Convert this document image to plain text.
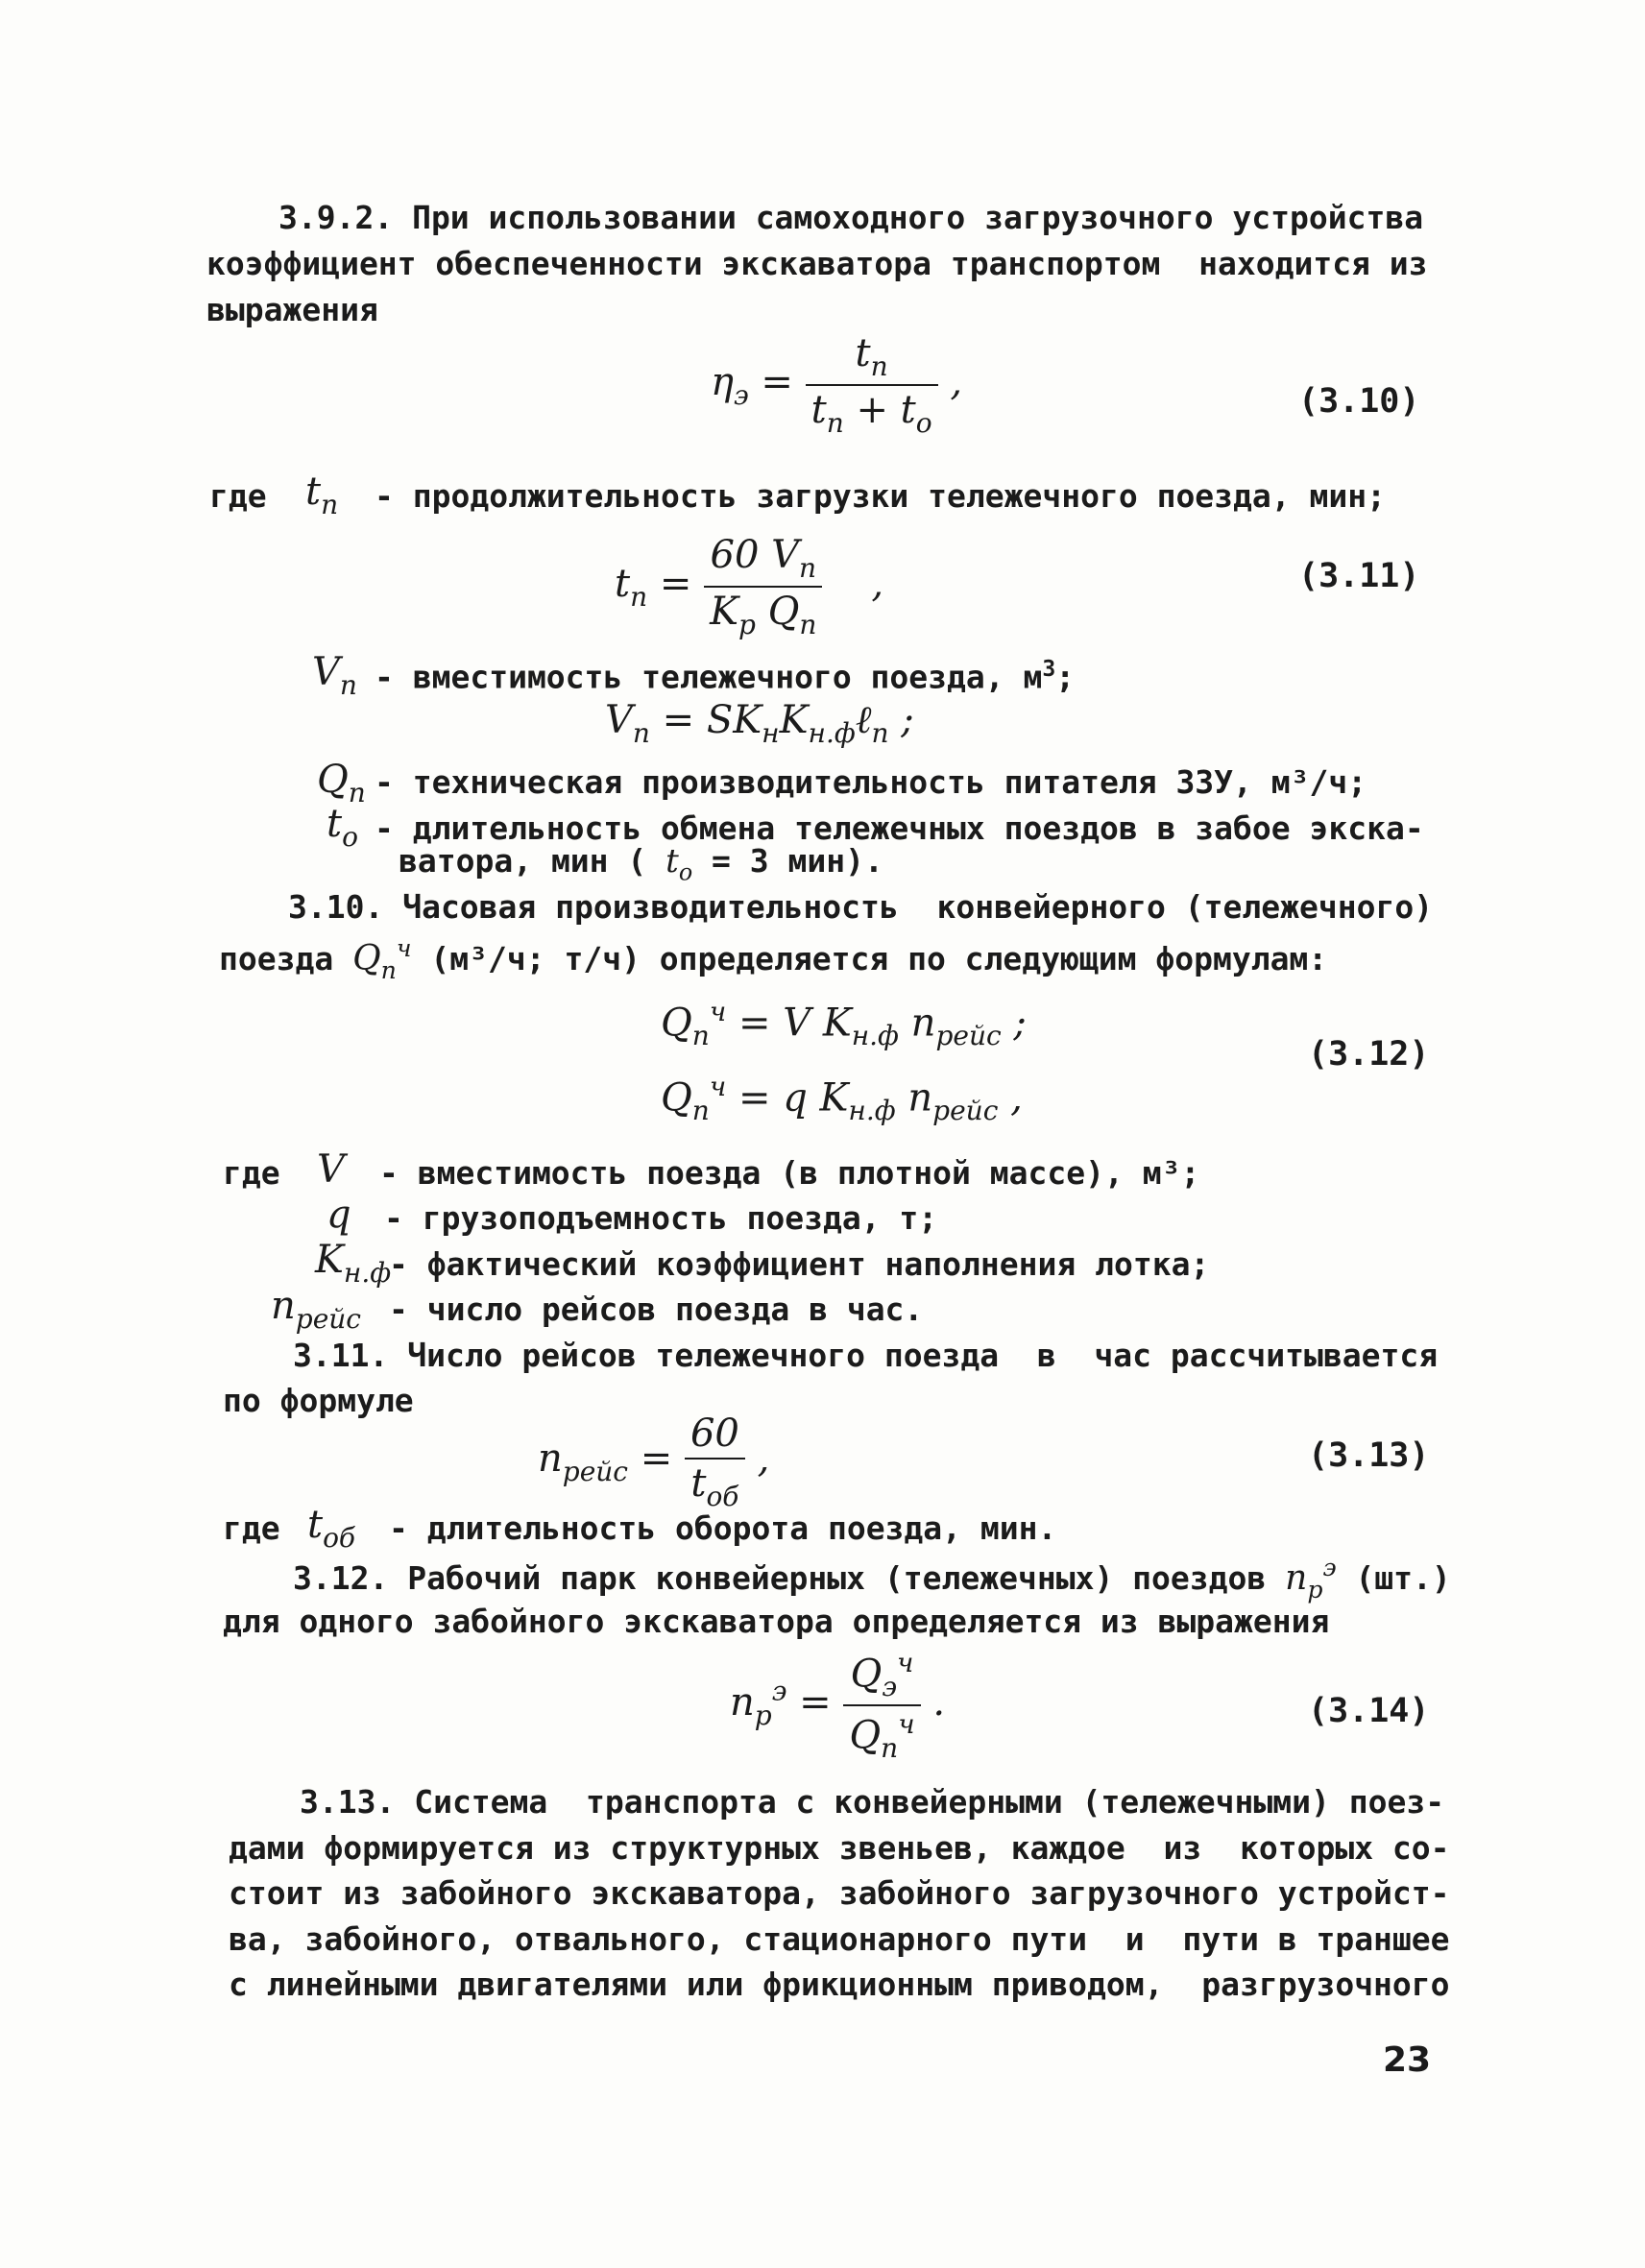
3.9.2. При использовании самоходного загрузочного устройства
коэффициент обеспеченности экскаватора транспортом  находится из
выражения
$\eta_э = \frac{t_п}{t_п + t_о}$ ,	(3.10)
где $t_п$ - продолжительность загрузки тележечного поезда, мин;
$t_п = \frac{60 V_п}{K_р Q_п}$ ,	(3.11)
$V_п$ - вместимость тележечного поезда, $м^3$;
$V_п$ = $SK_нK_{н.ф}\ell_п$ ;
$Q_п$ - техническая производительность питателя ЗЗУ, м³/ч;
$t_о$ - длительность обмена тележечных поездов в забое экска-
ватора, мин ( $t_о = 3$ мин).
3.10. Часовая производительность  конвейерного (тележечного)
поезда $Q_п^ч$ (м³/ч; т/ч) определяется по следующим формулам:
$Q_п^ч = V$ $K_{н.ф}$ $n_{рейс}$ ;
$Q_п^ч = q$ $K_{н.ф}$ $n_{рейс}$ ,
(3.12)
где V - вместимость поезда (в плотной массе), м³;
q - грузоподъемность поезда, т;
$K_{н.ф}$
- фактический коэффициент наполнения лотка;
$n_{рейс}$ - число рейсов поезда в час.
3.11. Число рейсов тележечного поезда  в  час рассчитывается
по формуле
$n_{рейс} = \frac{60}{t_{об}}$ ,	(3.13)
где $t_{об}$ - длительность оборота поезда, мин.
3.12. Рабочий парк конвейерных (тележечных) поездов $n_р^э$ (шт.)
для одного забойного экскаватора определяется из выражения
$n_р^э = \frac{Q_э^ч}{Q_п^ч}$ .	(3.14)
3.13. Система  транспорта с конвейерными (тележечными) поез-
дами формируется из структурных звеньев, каждое  из  которых со-
стоит из забойного экскаватора, забойного загрузочного устройст-
ва, забойного, отвального, стационарного пути  и  пути в траншее
с линейными двигателями или фрикционным приводом,  разгрузочного
23
